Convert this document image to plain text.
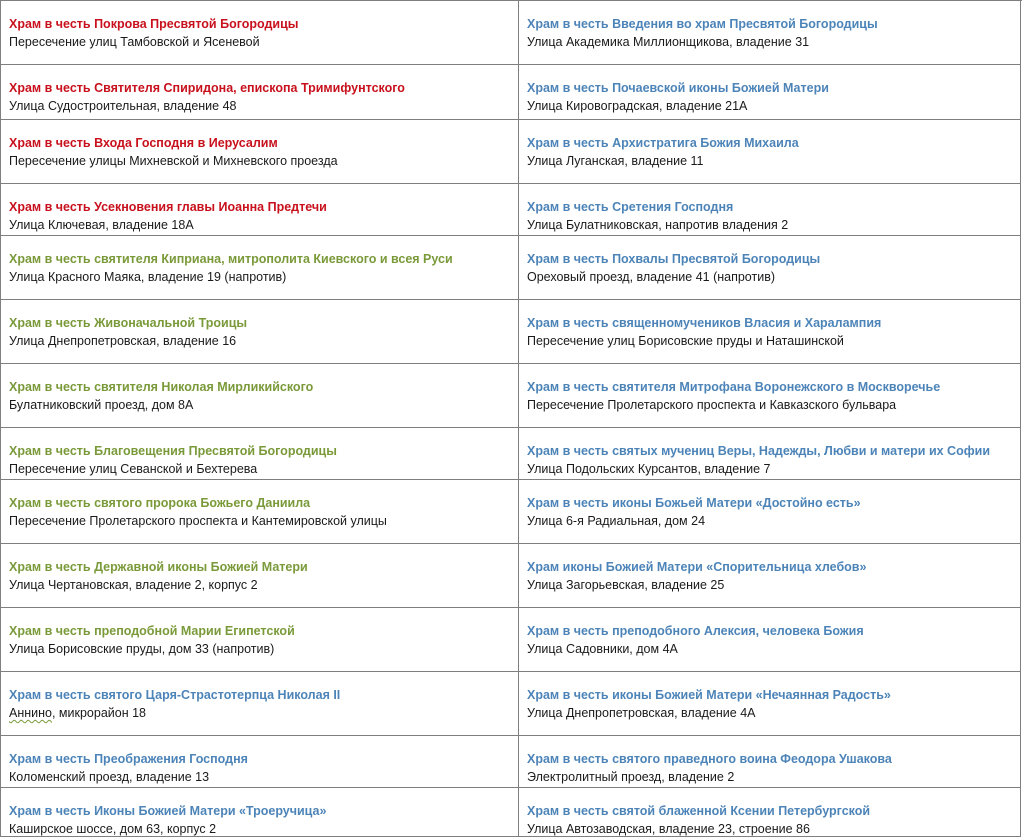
Храм в честь Покрова Пресвятой Богородицы
Пересечение улиц Тамбовской и Ясеневой
Храм в честь Введения во храм Пресвятой Богородицы
Улица Академика Миллионщикова, владение 31
Храм в честь Святителя Спиридона, епископа Тримифунтского
Улица Судостроительная, владение 48
Храм в честь Почаевской иконы Божией Матери
Улица Кировоградская, владение 21А
Храм в честь Входа Господня в Иерусалим
Пересечение улицы Михневской и Михневского проезда
Храм в честь Архистратига Божия Михаила
Улица Луганская, владение 11
Храм в честь Усекновения главы Иоанна Предтечи
Улица Ключевая, владение 18А
Храм в честь Сретения Господня
Улица Булатниковская, напротив владения 2
Храм в честь святителя Киприана, митрополита Киевского и всея Руси
Улица Красного Маяка, владение 19 (напротив)
Храм в честь Похвалы Пресвятой Богородицы
Ореховый проезд, владение 41 (напротив)
Храм в честь Живоначальной Троицы
Улица Днепропетровская, владение 16
Храм в честь священномучеников Власия и Харалампия
Пересечение улиц Борисовские пруды и Наташинской
Храм в честь святителя Николая Мирликийского
Булатниковский проезд, дом 8А
Храм в честь святителя Митрофана Воронежского в Москворечье
Пересечение Пролетарского проспекта и Кавказского бульвара
Храм в честь Благовещения Пресвятой Богородицы
Пересечение улиц Севанской и Бехтерева
Храм в честь святых мучениц Веры, Надежды, Любви и матери их Софии
Улица Подольских Курсантов, владение 7
Храм в честь святого пророка Божьего Даниила
Пересечение Пролетарского проспекта и Кантемировской улицы
Храм в честь иконы Божьей Матери «Достойно есть»
Улица 6-я Радиальная, дом 24
Храм в честь Державной иконы Божией Матери
Улица Чертановская, владение 2, корпус 2
Храм иконы Божией Матери «Спорительница хлебов»
Улица Загорьевская, владение 25
Храм в честь преподобной Марии Египетской
Улица Борисовские пруды, дом 33 (напротив)
Храм в честь преподобного Алексия, человека Божия
Улица Садовники, дом 4А
Храм в честь святого Царя-Страстотерпца Николая II
Аннино, микрорайон 18
Храм в честь иконы Божией Матери «Нечаянная Радость»
Улица Днепропетровская, владение 4А
Храм в честь Преображения Господня
Коломенский проезд, владение 13
Храм в честь святого праведного воина Феодора Ушакова
Электролитный проезд, владение 2
Храм в честь Иконы Божией Матери «Троеручица»
Каширское шоссе, дом 63, корпус 2
Храм в честь святой блаженной Ксении Петербургской
Улица Автозаводская, владение 23, строение 86
